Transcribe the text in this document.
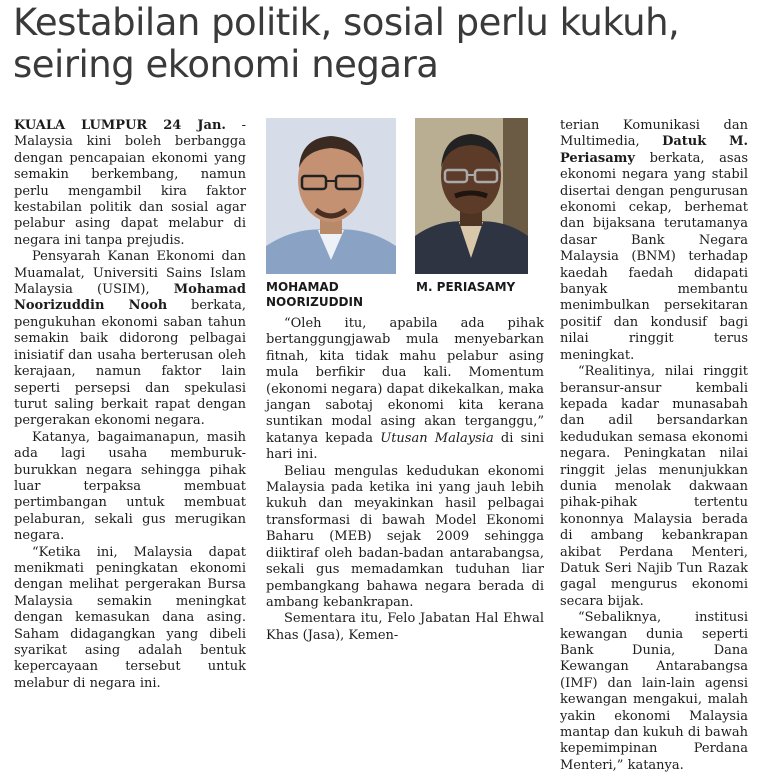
Kestabilan politik, sosial perlu kukuh,
seiring ekonomi negara

KUALA LUMPUR 24 Jan. - Malaysia kini boleh berbangga dengan pencapaian ekonomi yang semakin berkembang, namun perlu mengambil kira faktor kestabilan politik dan sosial agar pelabur asing dapat melabur di negara ini tanpa prejudis.

Pensyarah Kanan Ekonomi dan Muamalat, Universiti Sains Islam Malaysia (USIM), Mohamad Noorizuddin Nooh berkata, pengukuhan ekonomi saban tahun semakin baik didorong pelbagai inisiatif dan usaha berterusan oleh kerajaan, namun faktor lain seperti persepsi dan spekulasi turut saling berkait rapat dengan pergerakan ekonomi negara.

Katanya, bagaimanapun, masih ada lagi usaha memburuk-burukkan negara sehingga pihak luar terpaksa membuat pertimbangan untuk membuat pelaburan, sekali gus merugikan negara.

“Ketika ini, Malaysia dapat menikmati peningkatan ekonomi dengan melihat pergerakan Bursa Malaysia semakin meningkat dengan kemasukan dana asing. Saham didagangkan yang dibeli syarikat asing adalah bentuk kepercayaan tersebut untuk melabur di negara ini.

MOHAMAD
NOORIZUDDIN
M. PERIASAMY

“Oleh itu, apabila ada pihak bertanggungjawab mula menyebarkan fitnah, kita tidak mahu pelabur asing mula berfikir dua kali. Momentum (ekonomi negara) dapat dikekalkan, maka jangan sabotaj ekonomi kita kerana suntikan modal asing akan terganggu,” katanya kepada Utusan Malaysia di sini hari ini.

Beliau mengulas kedudukan ekonomi Malaysia pada ketika ini yang jauh lebih kukuh dan meyakinkan hasil pelbagai transformasi di bawah Model Ekonomi Baharu (MEB) sejak 2009 sehingga diiktiraf oleh badan-badan antarabangsa, sekali gus memadamkan tuduhan liar pembangkang bahawa negara berada di ambang kebankrapan.

Sementara itu, Felo Jabatan Hal Ehwal Khas (Jasa), Kemen-

terian Komunikasi dan Multimedia, Datuk M. Periasamy berkata, asas ekonomi negara yang stabil disertai dengan pengurusan ekonomi cekap, berhemat dan bijaksana terutamanya dasar Bank Negara Malaysia (BNM) terhadap kaedah faedah didapati banyak membantu menimbulkan persekitaran positif dan kondusif bagi nilai ringgit terus meningkat.

“Realitinya, nilai ringgit beransur-ansur kembali kepada kadar munasabah dan adil bersandarkan kedudukan semasa ekonomi negara. Peningkatan nilai ringgit jelas menunjukkan dunia menolak dakwaan pihak-pihak tertentu kononnya Malaysia berada di ambang kebankrapan akibat Perdana Menteri, Datuk Seri Najib Tun Razak gagal mengurus ekonomi secara bijak.

“Sebaliknya, institusi kewangan dunia seperti Bank Dunia, Dana Kewangan Antarabangsa (IMF) dan lain-lain agensi kewangan mengakui, malah yakin ekonomi Malaysia mantap dan kukuh di bawah kepemimpinan Perdana Menteri,” katanya.
